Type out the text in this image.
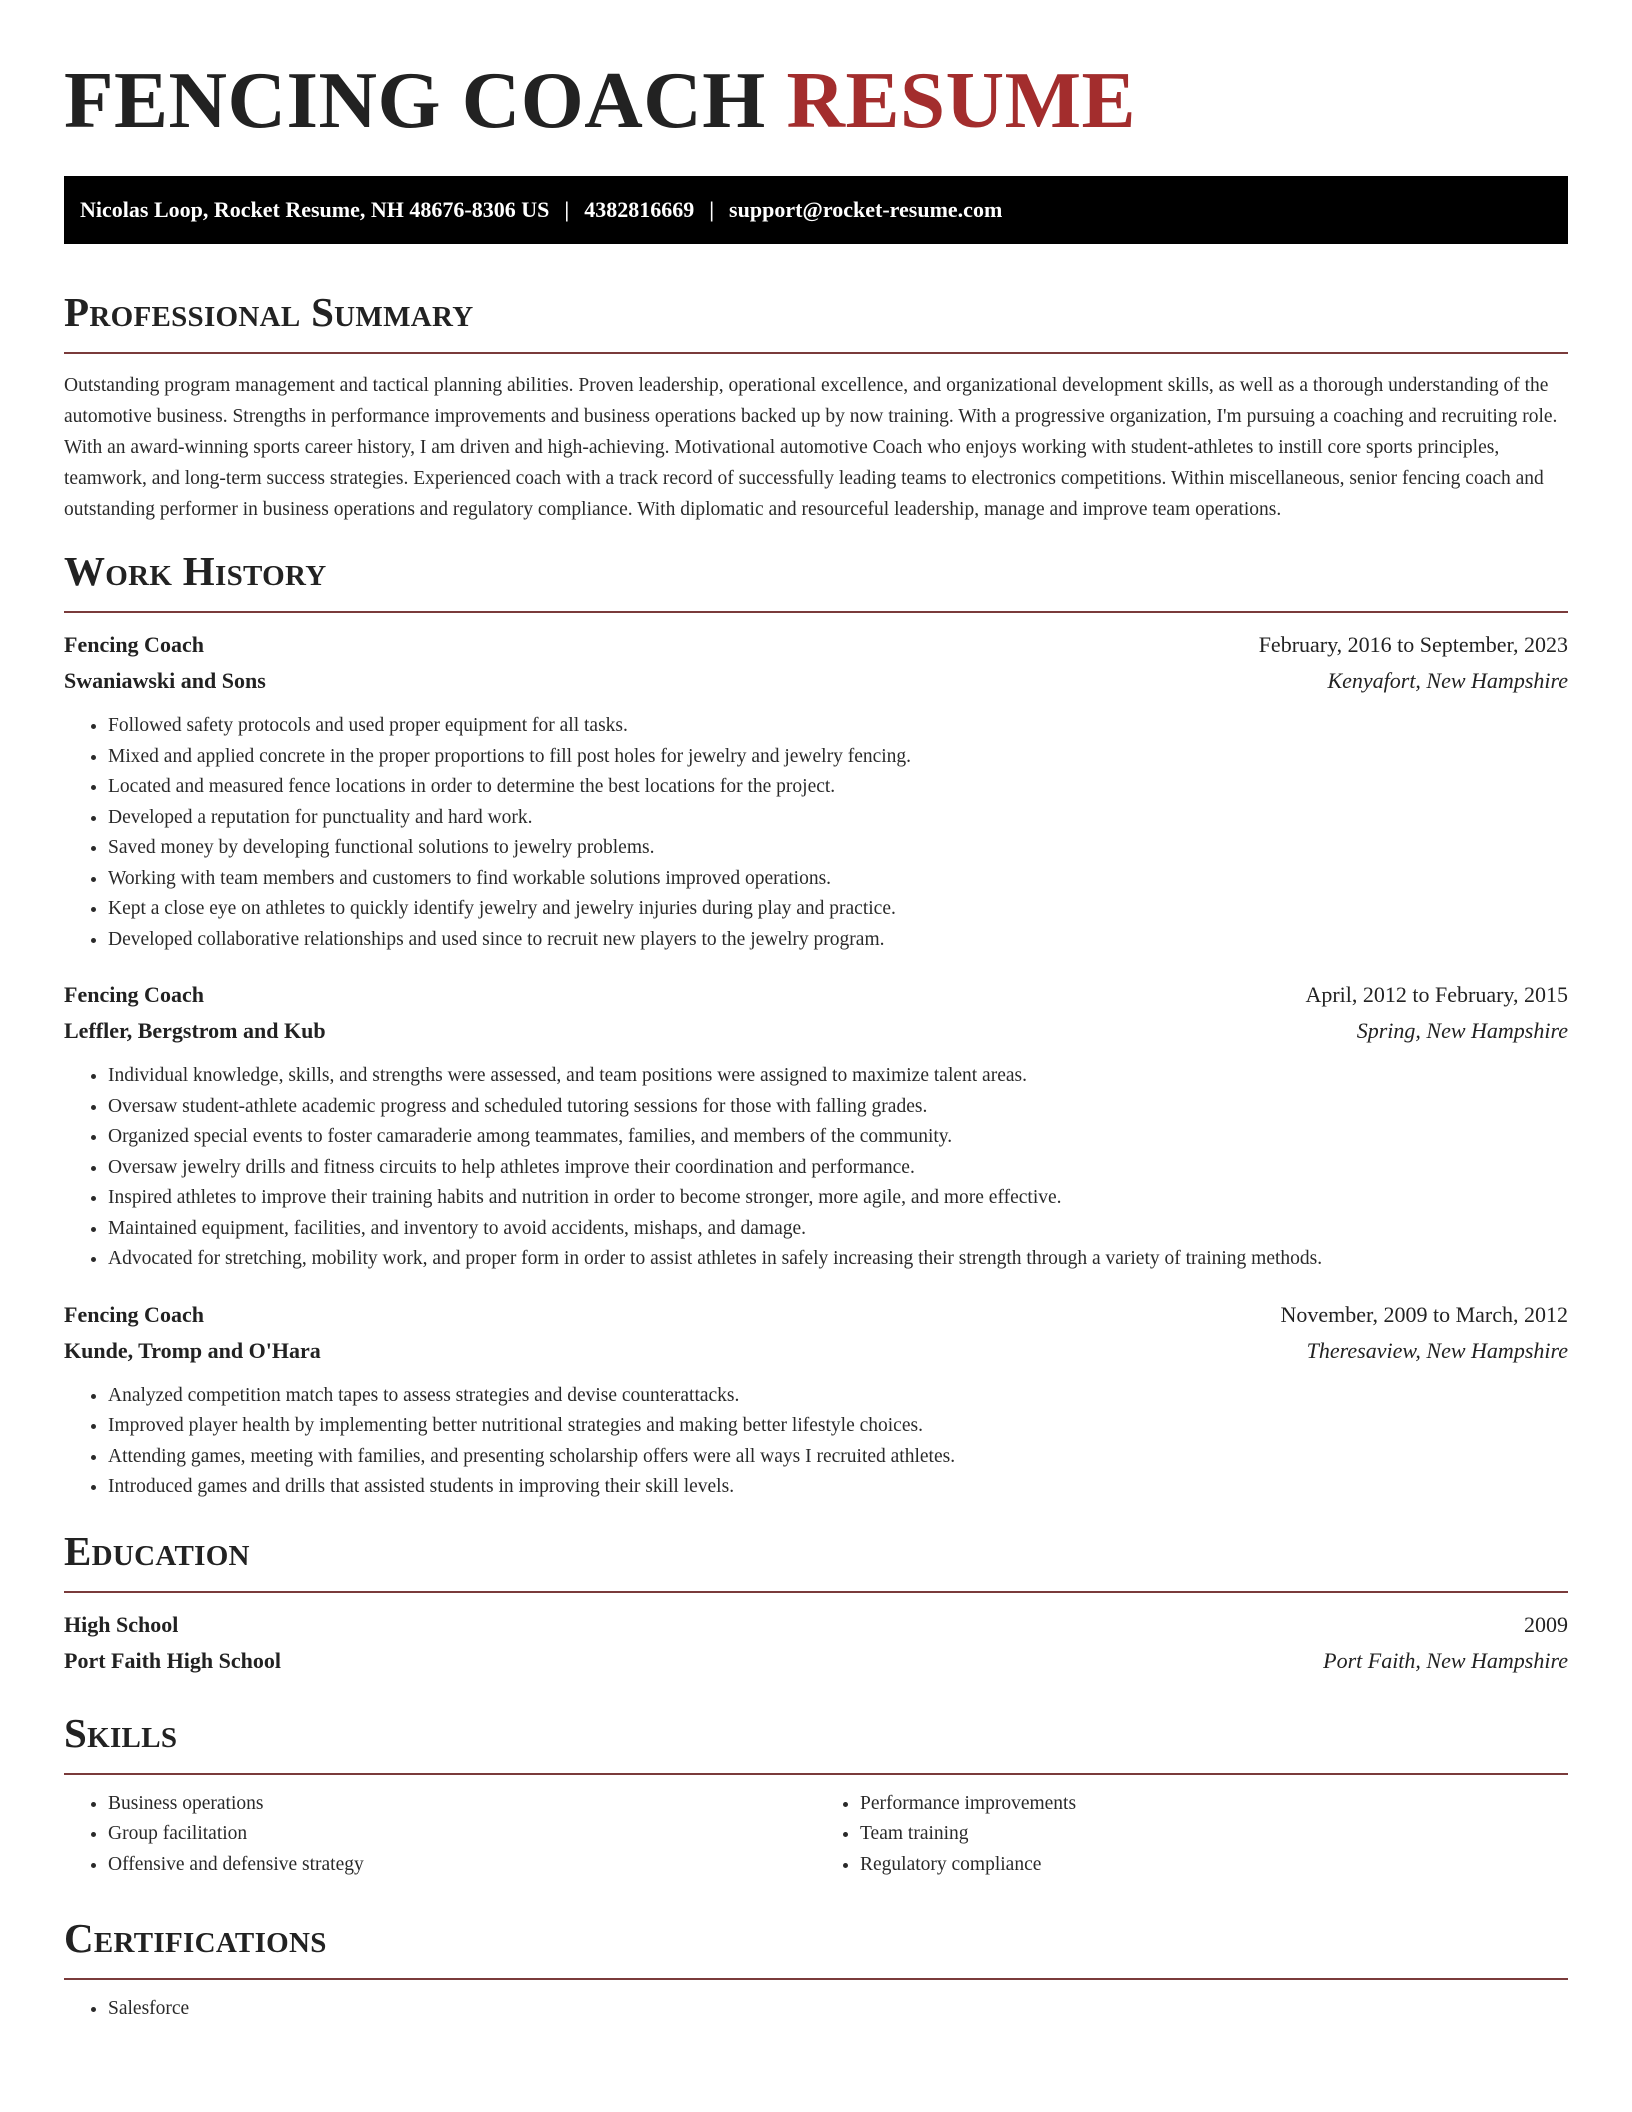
FENCING COACH RESUME
Nicolas Loop, Rocket Resume, NH 48676-8306 US | 4382816669 | support@rocket-resume.com
Professional Summary

Outstanding program management and tactical planning abilities. Proven leadership, operational excellence, and organizational development skills, as well as a thorough understanding of the automotive business. Strengths in performance improvements and business operations backed up by now training. With a progressive organization, I'm pursuing a coaching and recruiting role. With an award-winning sports career history, I am driven and high-achieving. Motivational automotive Coach who enjoys working with student-athletes to instill core sports principles, teamwork, and long-term success strategies. Experienced coach with a track record of successfully leading teams to electronics competitions. Within miscellaneous, senior fencing coach and outstanding performer in business operations and regulatory compliance. With diplomatic and resourceful leadership, manage and improve team operations.

Work History
Fencing Coach	February, 2016 to September, 2023
Swaniawski and Sons	Kenyafort, New Hampshire
• Followed safety protocols and used proper equipment for all tasks.
• Mixed and applied concrete in the proper proportions to fill post holes for jewelry and jewelry fencing.
• Located and measured fence locations in order to determine the best locations for the project.
• Developed a reputation for punctuality and hard work.
• Saved money by developing functional solutions to jewelry problems.
• Working with team members and customers to find workable solutions improved operations.
• Kept a close eye on athletes to quickly identify jewelry and jewelry injuries during play and practice.
• Developed collaborative relationships and used since to recruit new players to the jewelry program.
Fencing Coach	April, 2012 to February, 2015
Leffler, Bergstrom and Kub	Spring, New Hampshire
• Individual knowledge, skills, and strengths were assessed, and team positions were assigned to maximize talent areas.
• Oversaw student-athlete academic progress and scheduled tutoring sessions for those with falling grades.
• Organized special events to foster camaraderie among teammates, families, and members of the community.
• Oversaw jewelry drills and fitness circuits to help athletes improve their coordination and performance.
• Inspired athletes to improve their training habits and nutrition in order to become stronger, more agile, and more effective.
• Maintained equipment, facilities, and inventory to avoid accidents, mishaps, and damage.
• Advocated for stretching, mobility work, and proper form in order to assist athletes in safely increasing their strength through a variety of training methods.
Fencing Coach	November, 2009 to March, 2012
Kunde, Tromp and O'Hara	Theresaview, New Hampshire
• Analyzed competition match tapes to assess strategies and devise counterattacks.
• Improved player health by implementing better nutritional strategies and making better lifestyle choices.
• Attending games, meeting with families, and presenting scholarship offers were all ways I recruited athletes.
• Introduced games and drills that assisted students in improving their skill levels.
Education
High School	2009
Port Faith High School	Port Faith, New Hampshire
Skills
• Business operations
• Group facilitation
• Offensive and defensive strategy
• Performance improvements
• Team training
• Regulatory compliance
Certifications
• Salesforce
